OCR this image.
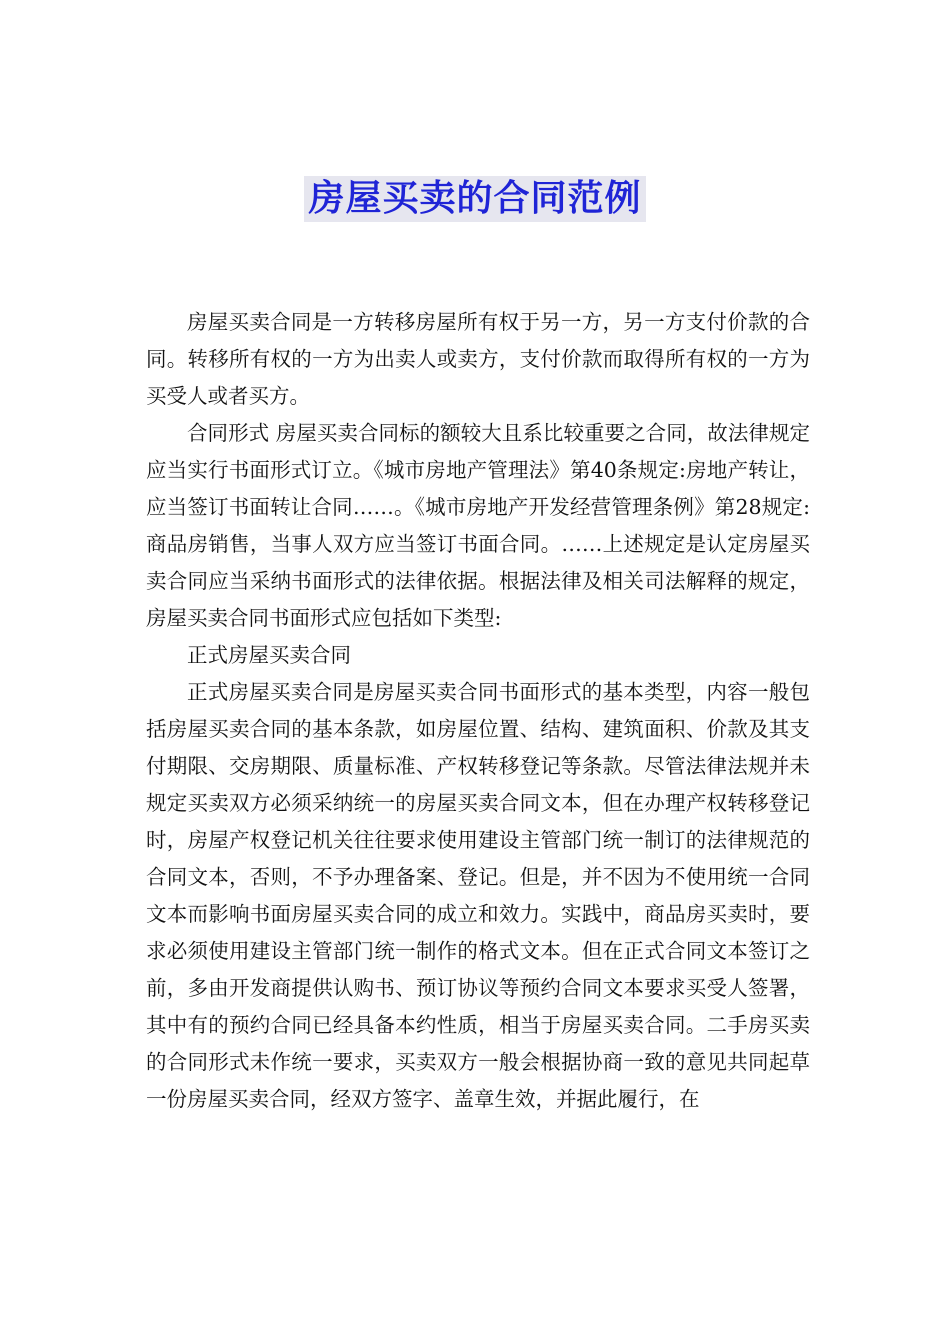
房屋买卖的合同范例

房屋买卖合同是一方转移房屋所有权于另一方，另一方支付价款的合同。转移所有权的一方为出卖人或卖方，支付价款而取得所有权的一方为买受人或者买方。

合同形式 房屋买卖合同标的额较大且系比较重要之合同，故法律规定应当实行书面形式订立。《城市房地产管理法》第40条规定:房地产转让，应当签订书面转让合同……。《城市房地产开发经营管理条例》第28规定:商品房销售，当事人双方应当签订书面合同。……上述规定是认定房屋买卖合同应当采纳书面形式的法律依据。根据法律及相关司法解释的规定，房屋买卖合同书面形式应包括如下类型:

正式房屋买卖合同

正式房屋买卖合同是房屋买卖合同书面形式的基本类型，内容一般包括房屋买卖合同的基本条款，如房屋位置、结构、建筑面积、价款及其支付期限、交房期限、质量标准、产权转移登记等条款。尽管法律法规并未规定买卖双方必须采纳统一的房屋买卖合同文本，但在办理产权转移登记时，房屋产权登记机关往往要求使用建设主管部门统一制订的法律规范的合同文本，否则，不予办理备案、登记。但是，并不因为不使用统一合同文本而影响书面房屋买卖合同的成立和效力。实践中，商品房买卖时，要求必须使用建设主管部门统一制作的格式文本。但在正式合同文本签订之前，多由开发商提供认购书、预订协议等预约合同文本要求买受人签署，其中有的预约合同已经具备本约性质，相当于房屋买卖合同。二手房买卖的合同形式未作统一要求，买卖双方一般会根据协商一致的意见共同起草一份房屋买卖合同，经双方签字、盖章生效，并据此履行，在
